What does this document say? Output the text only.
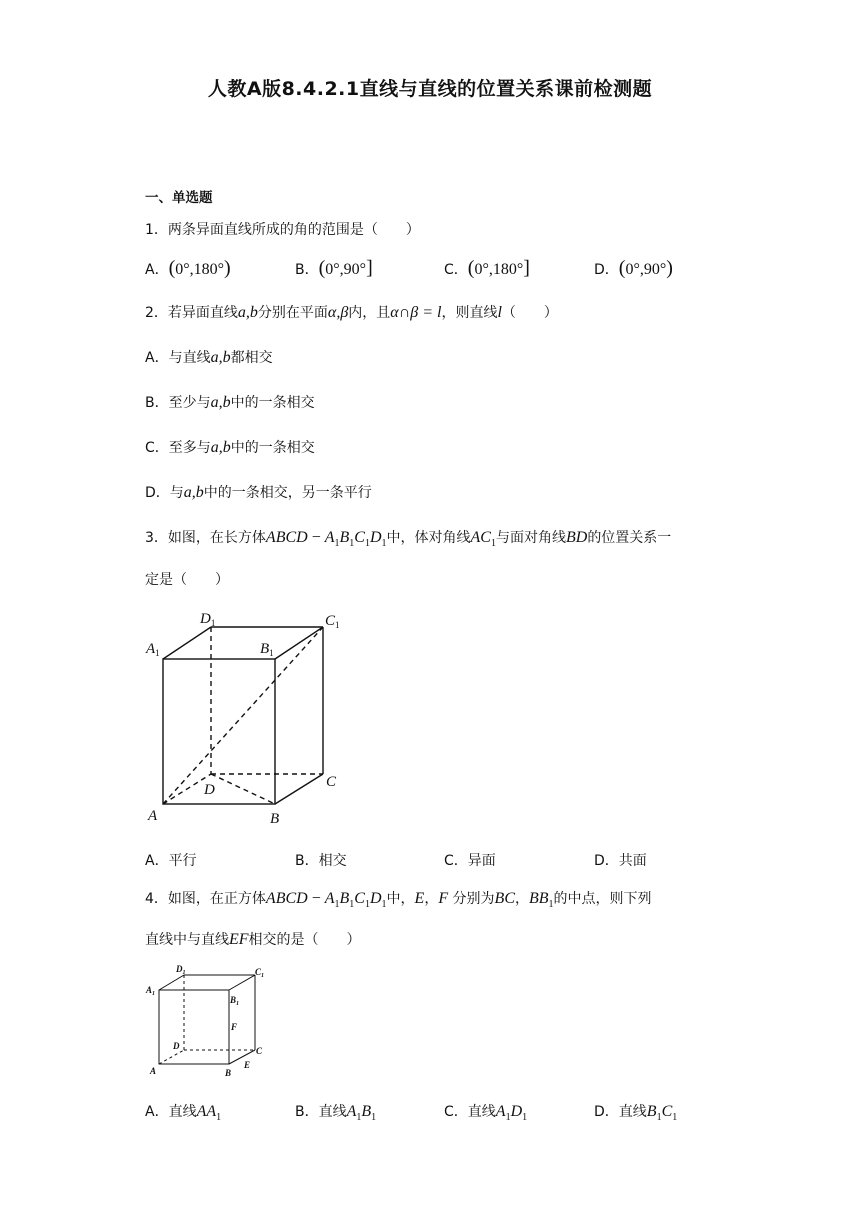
人教A版8.4.2.1直线与直线的位置关系课前检测题
一、单选题
1．两条异面直线所成的角的范围是（　　）
A．(0°,180°)	B．(0°,90°]	C．(0°,180°]	D．(0°,90°)
2．若异面直线a,b分别在平面α,β内，且α∩β = l，则直线l（　　）
A．与直线a,b都相交
B．至少与a,b中的一条相交
C．至多与a,b中的一条相交
D．与a,b中的一条相交，另一条平行
3．如图，在长方体ABCD − $A_1B_1C_1D_1$中，体对角线$AC_1$与面对角线BD的位置关系一
定是（　　）
$D_1$	$C_1$
$A_1$	$B_1$
D	C
A	B
A．平行	B．相交	C．异面	D．共面
4．如图，在正方体ABCD − $A_1B_1C_1D_1$中，E，F 分别为BC，$BB_1$的中点，则下列
直线中与直线EF相交的是（　　）
$D_1$	$C_1$
$A_1$
$B_1$
F
D	C
E
A	B
A．直线$AA_1$	B．直线$A_1B_1$	C．直线$A_1D_1$	D．直线$B_1C_1$
